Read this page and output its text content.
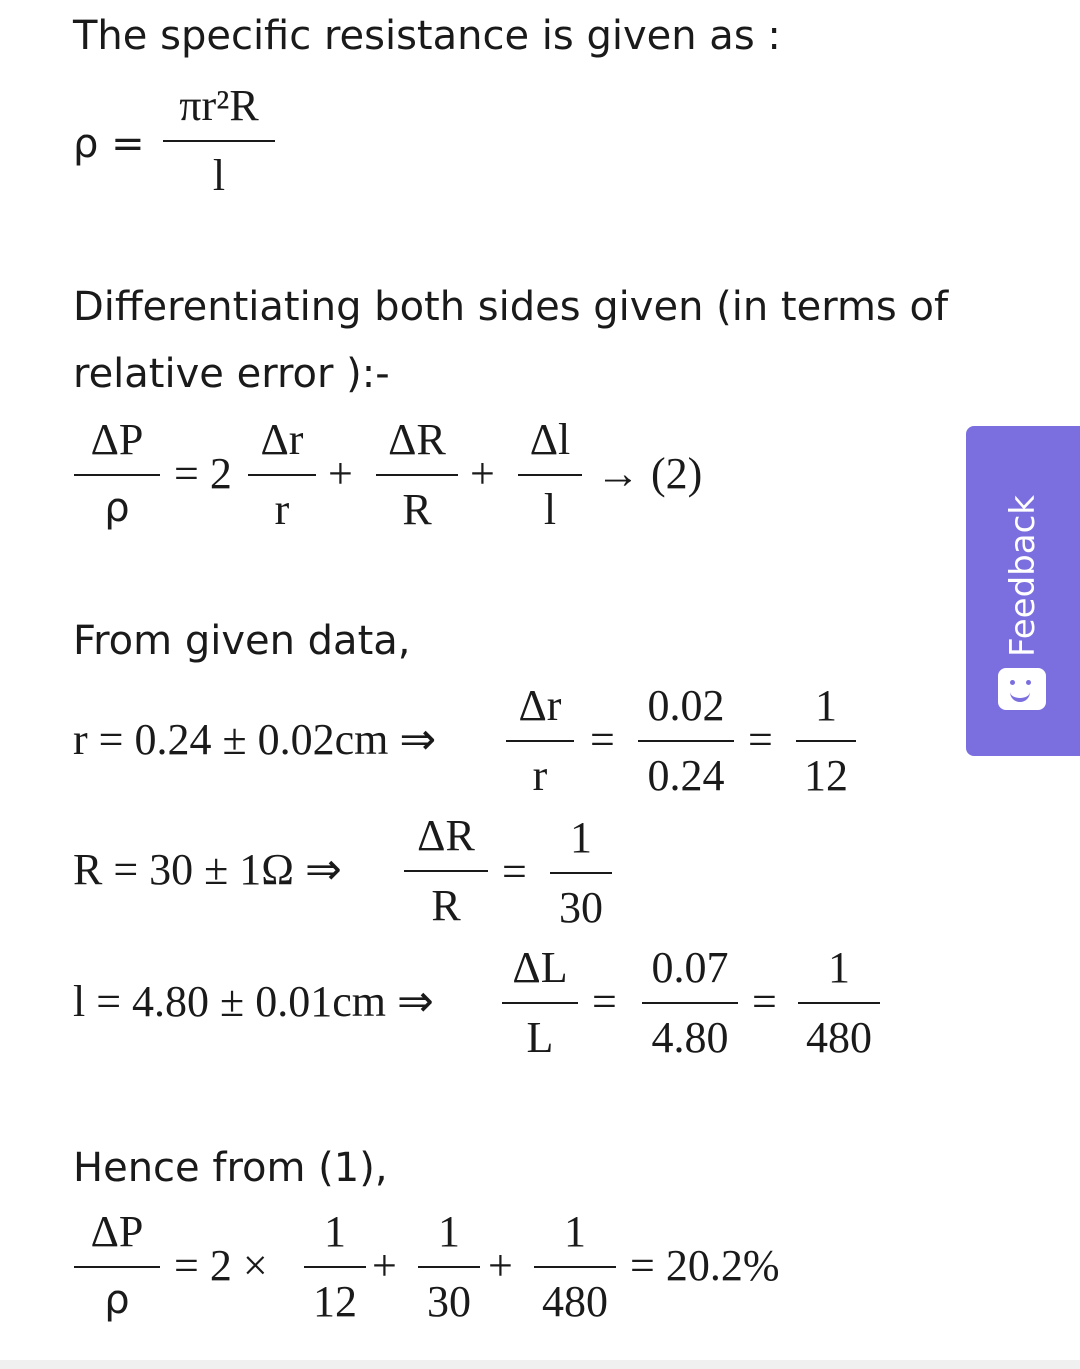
The specific resistance is given as :
ρ =
πr²R
l
Differentiating both sides given (in terms of
relative error ):-
ΔP
ρ
= 2
Δr
r
+
ΔR
R
+
Δl
l
→ (2)
From given data,
r = 0.24 ± 0.02cm ⇒
Δr
r
=
0.02
0.24
=
1
12
R = 30 ± 1Ω ⇒
ΔR
R
=
1
30
l = 4.80 ± 0.01cm ⇒
ΔL
L
=
0.07
4.80
=
1
480
Hence from (1),
ΔP
ρ
= 2 ×
1
12
+
1
30
+
1
480
= 20.2%
Feedback
